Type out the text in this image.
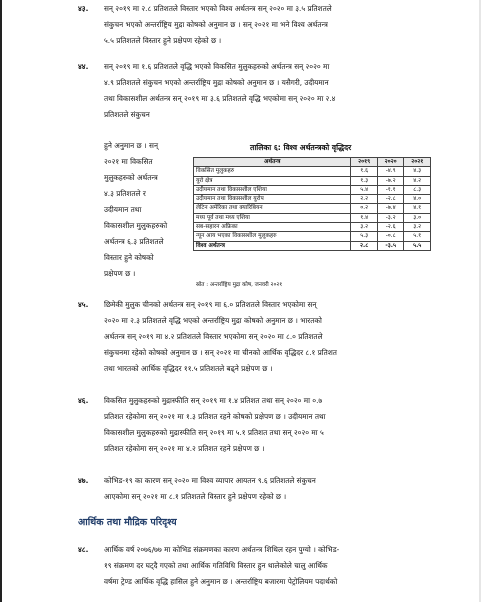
४३. सन् २०१९ मा २.८ प्रतिशतले विस्तार भएको विश्व अर्थतन्त्र सन् २०२० मा ३.५ प्रतिशतले
संकुचन भएको अन्तर्राष्ट्रिय मुद्रा कोषको अनुमान छ । सन् २०२१ मा भने विश्व अर्थतन्त्र
५.५ प्रतिशतले विस्तार हुने प्रक्षेपण रहेको छ ।
४४. सन् २०१९ मा १.६ प्रतिशतले वृद्धि भएको विकसित मुलुकहरुको अर्थतन्त्र सन् २०२० मा
४.९ प्रतिशतले संकुचन भएको अन्तर्राष्ट्रिय मुद्रा कोषको अनुमान छ । यसैगरी, उदीयमान
तथा विकासशील अर्थतन्त्र सन् २०१९ मा ३.६ प्रतिशतले वृद्धि भएकोमा सन् २०२० मा २.४
प्रतिशतले संकुचन
हुने अनुमान छ । सन्
२०२१ मा विकसित
मुलुकहरुको अर्थतन्त्र
४.३ प्रतिशतले र
उदीयमान तथा
विकासशील मुलुकहरुको
अर्थतन्त्र ६.३ प्रतिशतले
विस्तार हुने कोषको
प्रक्षेपण छ ।
तालिका ६: विश्व अर्थतन्त्रको वृद्धिदर
अर्थतन्त्र	२०१९	२०२०	२०२१
विकसित मुलुकहरु	१.६	-४.९	४.३
युरो क्षेत्र	१.३	-७.२	४.२
उदीयमान तथा विकासशील एशिया	५.४	-१.१	८.३
उदीयमान तथा विकासशील युरोप	२.२	-२.८	४.०
लेटिन अमेरिका तथा क्यारिबियन	०.२	-७.४	४.१
मध्य पूर्व तथा मध्य एशिया	१.४	-३.२	३.०
सब-सहारन अफ्रिका	३.२	-२.६	३.२
न्यून आय भएका विकासशील मुलुकहरु	५.३	-०.८	५.१
विश्व अर्थतन्त्र	२.८	-३.५	५.५
स्रोत : अन्तर्राष्ट्रिय मुद्रा कोष, जनवरी २०२१
४५. छिमेकी मुलुक चीनको अर्थतन्त्र सन् २०१९ मा ६.० प्रतिशतले विस्तार भएकोमा सन्
२०२० मा २.३ प्रतिशतले वृद्धि भएको अन्तर्राष्ट्रिय मुद्रा कोषको अनुमान छ । भारतको
अर्थतन्त्र सन् २०१९ मा ४.२ प्रतिशतले विस्तार भएकोमा सन् २०२० मा ८.० प्रतिशतले
संकुचनमा रहेको कोषको अनुमान छ । सन् २०२१ मा चीनको आर्थिक वृद्धिदर ८.१ प्रतिशत
तथा भारतको आर्थिक वृद्धिदर ११.५ प्रतिशतले बढ्ने प्रक्षेपण छ ।
४६. विकसित मुलुकहरुको मुद्रास्फीति सन् २०१९ मा १.४ प्रतिशत तथा सन् २०२० मा ०.७
प्रतिशत रहेकोमा सन् २०२१ मा १.३ प्रतिशत रहने कोषको प्रक्षेपण छ । उदीयमान तथा
विकासशील मुलुकहरुको मुद्रास्फीति सन् २०१९ मा ५.१ प्रतिशत तथा सन् २०२० मा ५
प्रतिशत रहेकोमा सन् २०२१ मा ४.२ प्रतिशत रहने प्रक्षेपण छ ।
४७. कोभिड-१९ का कारण सन् २०२० मा विश्व व्यापार आयतन ९.६ प्रतिशतले संकुचन
आएकोमा सन् २०२१ मा ८.१ प्रतिशतले विस्तार हुने प्रक्षेपण रहेको छ ।
आर्थिक तथा मौद्रिक परिदृश्य
४८. आर्थिक वर्ष २०७६/७७ मा कोभिड संक्रमणका कारण अर्थतन्त्र शिथिल रहन पुग्यो । कोभिड-
१९ संक्रमण दर घट्दै गएको तथा आर्थिक गतिविधि विस्तार हुन थालेकोले चालु आर्थिक
वर्षमा ट्रेण्ड आर्थिक वृद्धि हासिल हुने अनुमान छ । अन्तर्राष्ट्रिय बजारमा पेट्रोलियम पदार्थको
